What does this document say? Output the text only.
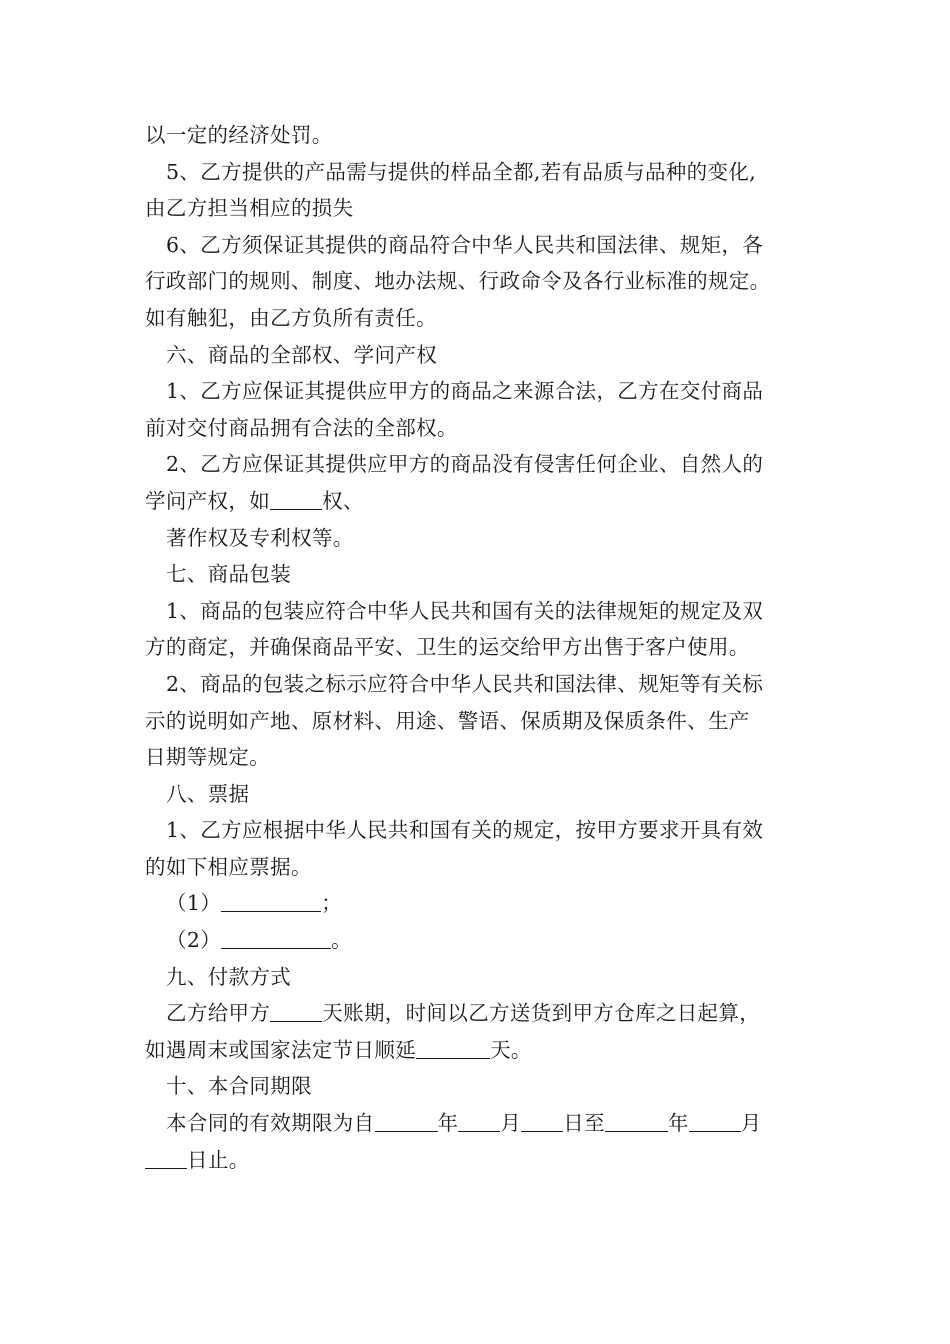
以一定的经济处罚。
5、乙方提供的产品需与提供的样品全都,若有品质与品种的变化,
由乙方担当相应的损失
6、乙方须保证其提供的商品符合中华人民共和国法律、规矩，各
行政部门的规则、制度、地办法规、行政命令及各行业标准的规定。
如有触犯，由乙方负所有责任。
六、商品的全部权、学问产权
1、乙方应保证其提供应甲方的商品之来源合法，乙方在交付商品
前对交付商品拥有合法的全部权。
2、乙方应保证其提供应甲方的商品没有侵害任何企业、自然人的
学问产权，如	权、
著作权及专利权等。
七、商品包装
1、商品的包装应符合中华人民共和国有关的法律规矩的规定及双
方的商定，并确保商品平安、卫生的运交给甲方出售于客户使用。
2、商品的包装之标示应符合中华人民共和国法律、规矩等有关标
示的说明如产地、原材料、用途、警语、保质期及保质条件、生产
日期等规定。
八、票据
1、乙方应根据中华人民共和国有关的规定，按甲方要求开具有效
的如下相应票据。
（1）	；
（2）	。
九、付款方式
乙方给甲方	天账期，时间以乙方送货到甲方仓库之日起算，
如遇周末或国家法定节日顺延	天。
十、本合同期限
本合同的有效期限为自	年 月 日至	年	月
日止。
